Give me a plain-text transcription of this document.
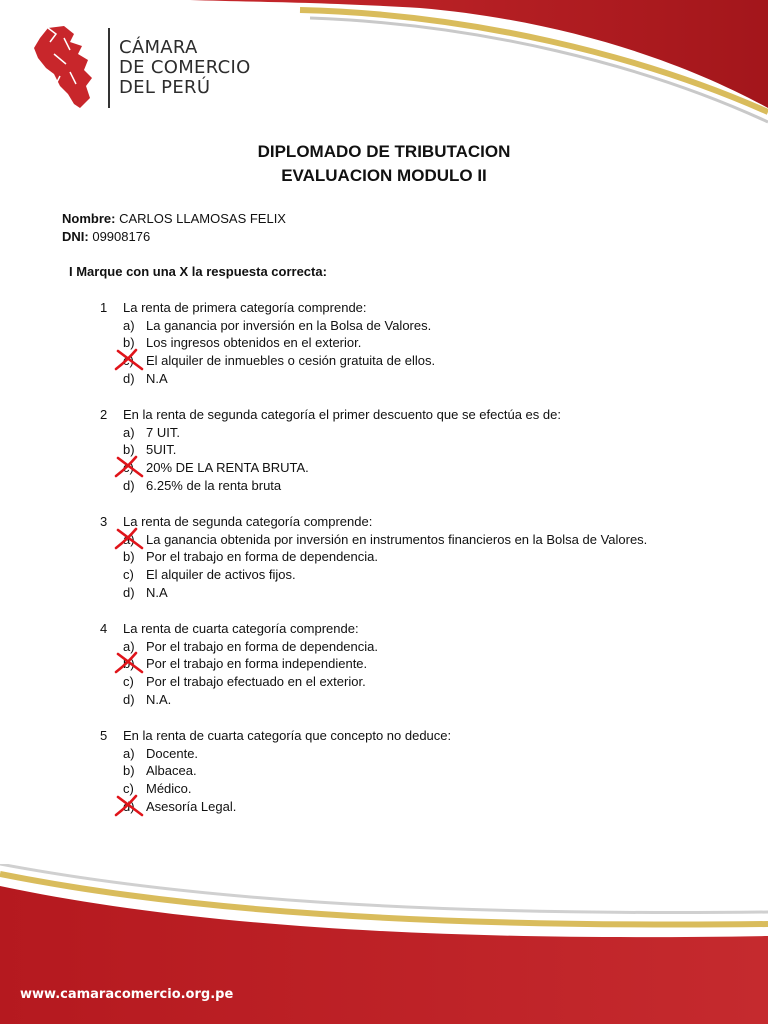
CÁMARA
DE COMERCIO
DEL PERÚ
DIPLOMADO DE TRIBUTACION
EVALUACION MODULO II
Nombre: CARLOS LLAMOSAS FELIX
DNI: 09908176
I Marque con una X la respuesta correcta:
1 La renta de primera categoría comprende:
a) La ganancia por inversión en la Bolsa de Valores.
b) Los ingresos obtenidos en el exterior.
c) El alquiler de inmuebles o cesión gratuita de ellos.
d) N.A
2 En la renta de segunda categoría el primer descuento que se efectúa es de:
a) 7 UIT.
b) 5UIT.
c) 20% DE LA RENTA BRUTA.
d) 6.25% de la renta bruta
3 La renta de segunda categoría comprende:
a) La ganancia obtenida por inversión en instrumentos financieros en la Bolsa de Valores.
b) Por el trabajo en forma de dependencia.
c) El alquiler de activos fijos.
d) N.A
4 La renta de cuarta categoría comprende:
a) Por el trabajo en forma de dependencia.
b) Por el trabajo en forma independiente.
c) Por el trabajo efectuado en el exterior.
d) N.A.
5 En la renta de cuarta categoría que concepto no deduce:
a) Docente.
b) Albacea.
c) Médico.
d) Asesoría Legal.
www.camaracomercio.org.pe
